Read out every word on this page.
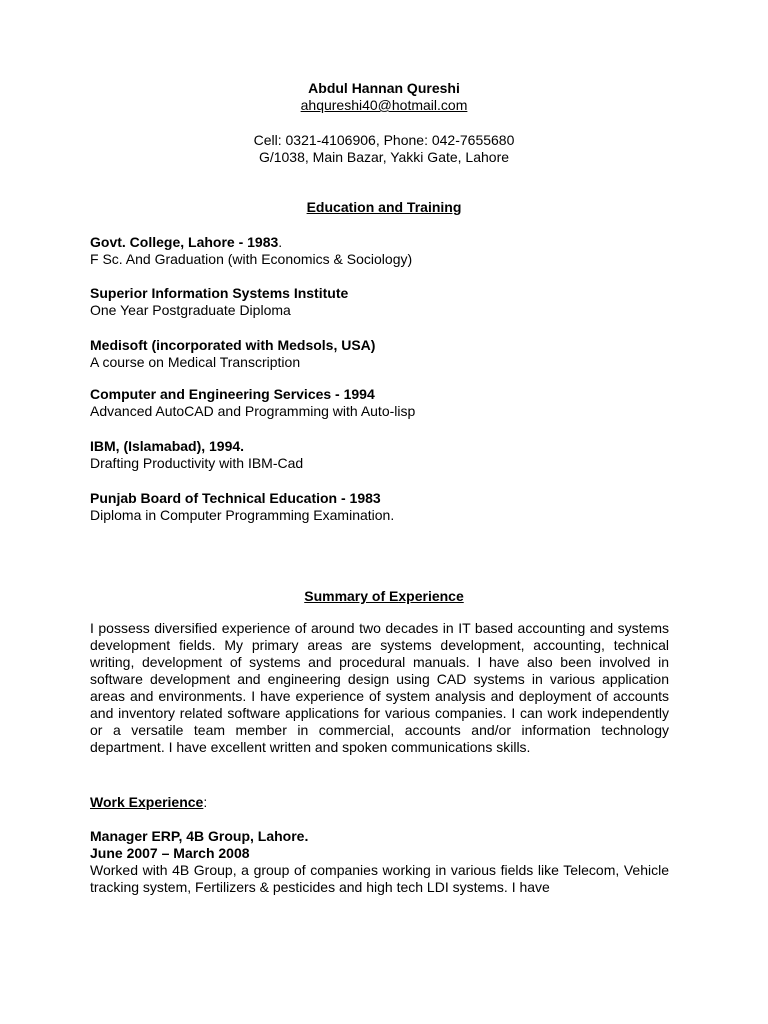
Abdul Hannan Qureshi
ahqureshi40@hotmail.com
Cell: 0321-4106906, Phone: 042-7655680
G/1038, Main Bazar, Yakki Gate, Lahore
Education and Training
Govt. College, Lahore - 1983.
F Sc. And Graduation (with Economics & Sociology)
Superior Information Systems Institute
One Year Postgraduate Diploma
Medisoft (incorporated with Medsols, USA)
A course on Medical Transcription
Computer and Engineering Services - 1994
Advanced AutoCAD and Programming with Auto-lisp
IBM, (Islamabad), 1994.
Drafting Productivity with IBM-Cad
Punjab Board of Technical Education - 1983
Diploma in Computer Programming Examination.
Summary of Experience
I possess diversified experience of around two decades in IT based accounting and systems development fields. My primary areas are systems development, accounting, technical writing, development of systems and procedural manuals. I have also been involved in software development and engineering design using CAD systems in various application areas and environments. I have experience of system analysis and deployment of accounts and inventory related software applications for various companies. I can work independently or a versatile team member in commercial, accounts and/or information technology department. I have excellent written and spoken communications skills.
Work Experience:
Manager ERP, 4B Group, Lahore.
June 2007 – March 2008
Worked with 4B Group, a group of companies working in various fields like Telecom, Vehicle tracking system, Fertilizers & pesticides and high tech LDI systems. I have
